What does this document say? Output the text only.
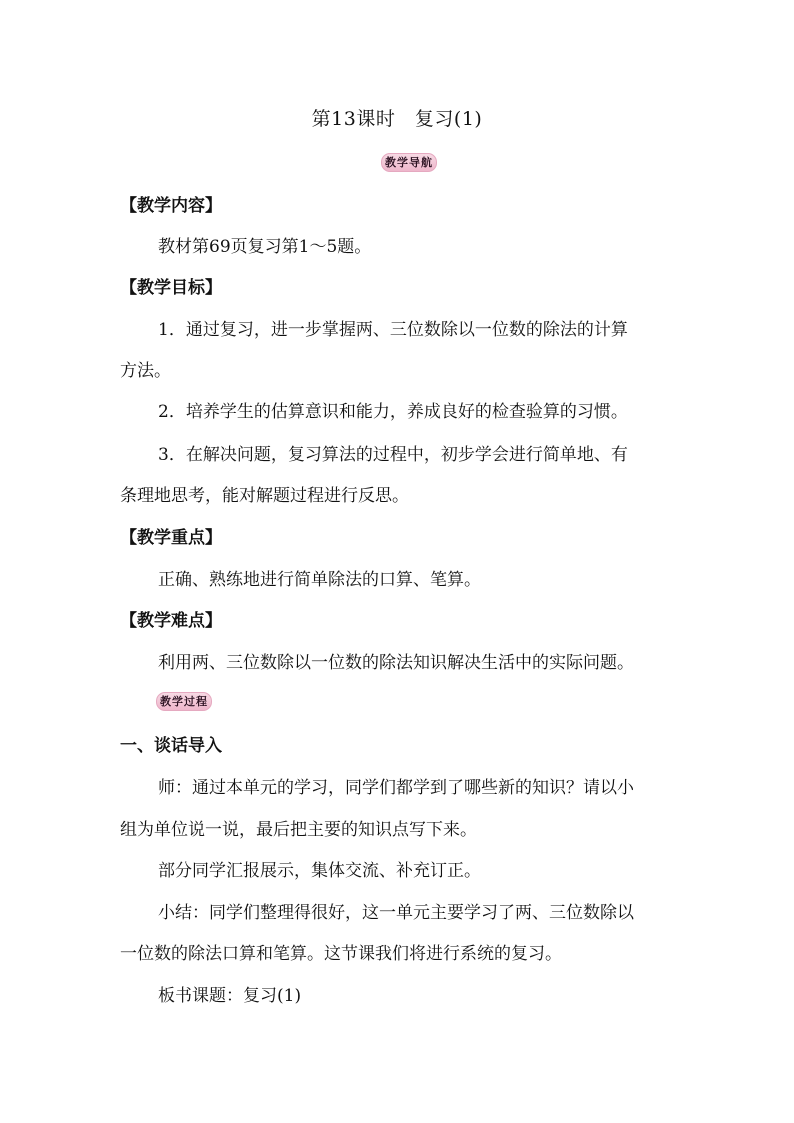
第13课时   复习(1)
教学导航
【教学内容】
教材第69页复习第1～5题。
【教学目标】
1．通过复习，进一步掌握两、三位数除以一位数的除法的计算
方法。
2．培养学生的估算意识和能力，养成良好的检查验算的习惯。
3．在解决问题，复习算法的过程中，初步学会进行简单地、有
条理地思考，能对解题过程进行反思。
【教学重点】
正确、熟练地进行简单除法的口算、笔算。
【教学难点】
利用两、三位数除以一位数的除法知识解决生活中的实际问题。
教学过程
一、谈话导入
师：通过本单元的学习，同学们都学到了哪些新的知识？请以小
组为单位说一说，最后把主要的知识点写下来。
部分同学汇报展示，集体交流、补充订正。
小结：同学们整理得很好，这一单元主要学习了两、三位数除以
一位数的除法口算和笔算。这节课我们将进行系统的复习。
板书课题：复习(1)
